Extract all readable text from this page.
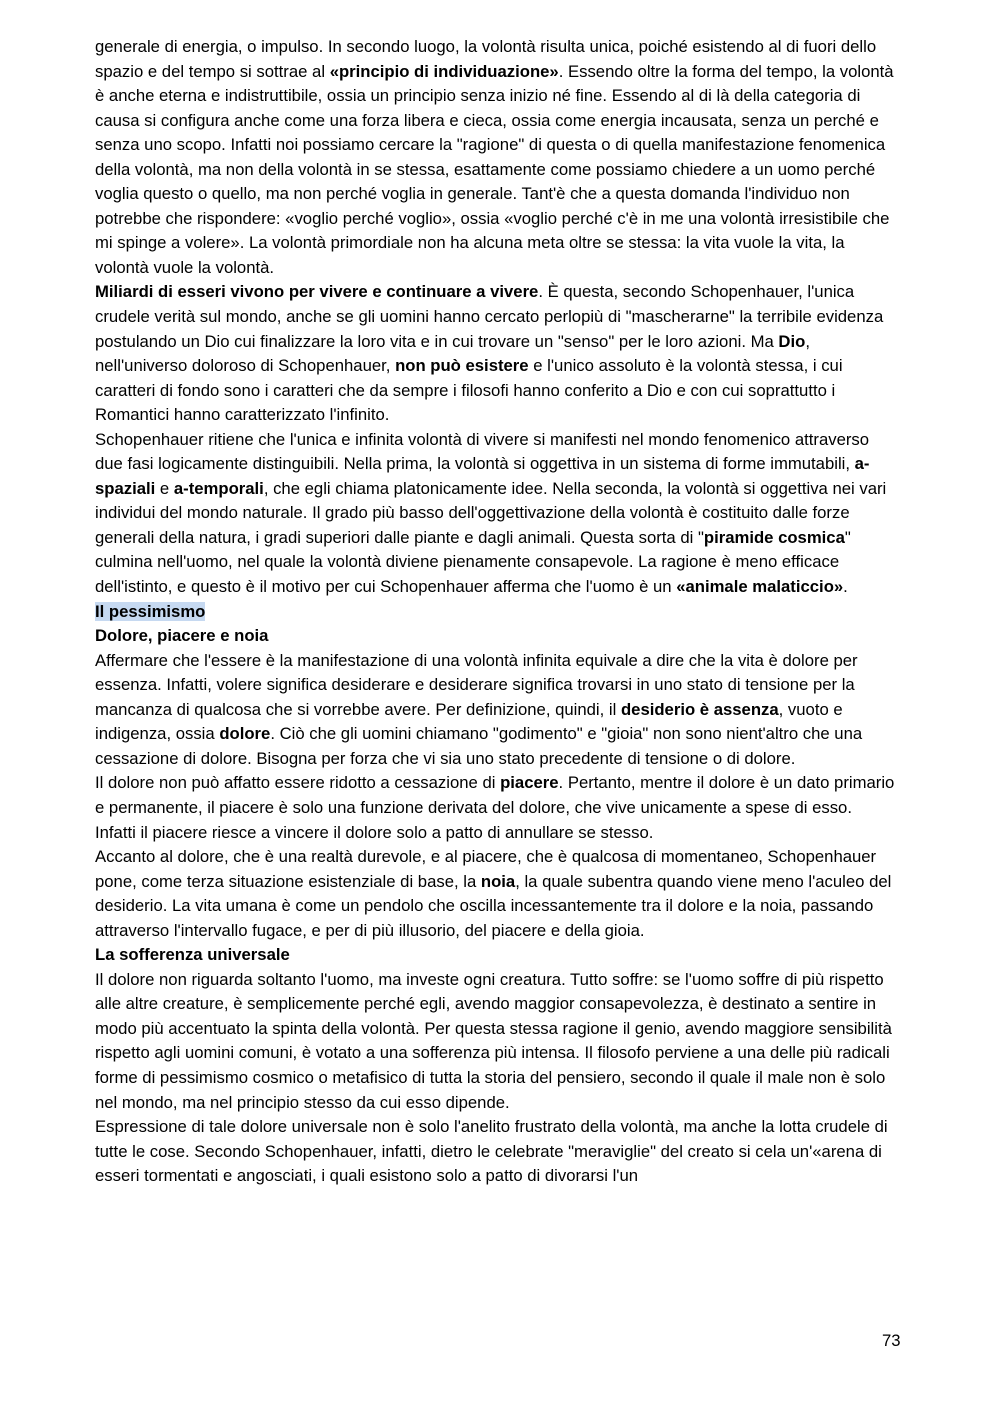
generale di energia, o impulso. In secondo luogo, la volontà risulta unica, poiché esistendo al di fuori dello spazio e del tempo si sottrae al «principio di individuazione». Essendo oltre la forma del tempo, la volontà è anche eterna e indistruttibile, ossia un principio senza inizio né fine. Essendo al di là della categoria di causa si configura anche come una forza libera e cieca, ossia come energia incausata, senza un perché e senza uno scopo. Infatti noi possiamo cercare la "ragione" di questa o di quella manifestazione fenomenica della volontà, ma non della volontà in se stessa, esattamente come possiamo chiedere a un uomo perché voglia questo o quello, ma non perché voglia in generale. Tant'è che a questa domanda l'individuo non potrebbe che rispondere: «voglio perché voglio», ossia «voglio perché c'è in me una volontà irresistibile che mi spinge a volere». La volontà primordiale non ha alcuna meta oltre se stessa: la vita vuole la vita, la volontà vuole la volontà.

Miliardi di esseri vivono per vivere e continuare a vivere. È questa, secondo Schopenhauer, l'unica crudele verità sul mondo, anche se gli uomini hanno cercato perlopiù di "mascherarne" la terribile evidenza postulando un Dio cui finalizzare la loro vita e in cui trovare un "senso" per le loro azioni. Ma Dio, nell'universo doloroso di Schopenhauer, non può esistere e l'unico assoluto è la volontà stessa, i cui caratteri di fondo sono i caratteri che da sempre i filosofi hanno conferito a Dio e con cui soprattutto i Romantici hanno caratterizzato l'infinito.

Schopenhauer ritiene che l'unica e infinita volontà di vivere si manifesti nel mondo fenomenico attraverso due fasi logicamente distinguibili. Nella prima, la volontà si oggettiva in un sistema di forme immutabili, a-spaziali e a-temporali, che egli chiama platonicamente idee. Nella seconda, la volontà si oggettiva nei vari individui del mondo naturale. Il grado più basso dell'oggettivazione della volontà è costituito dalle forze generali della natura, i gradi superiori dalle piante e dagli animali. Questa sorta di "piramide cosmica" culmina nell'uomo, nel quale la volontà diviene pienamente consapevole. La ragione è meno efficace dell'istinto, e questo è il motivo per cui Schopenhauer afferma che l'uomo è un «animale malaticcio».

Il pessimismo

Dolore, piacere e noia

Affermare che l'essere è la manifestazione di una volontà infinita equivale a dire che la vita è dolore per essenza. Infatti, volere significa desiderare e desiderare significa trovarsi in uno stato di tensione per la mancanza di qualcosa che si vorrebbe avere. Per definizione, quindi, il desiderio è assenza, vuoto e indigenza, ossia dolore. Ciò che gli uomini chiamano "godimento" e "gioia" non sono nient'altro che una cessazione di dolore. Bisogna per forza che vi sia uno stato precedente di tensione o di dolore.

Il dolore non può affatto essere ridotto a cessazione di piacere. Pertanto, mentre il dolore è un dato primario e permanente, il piacere è solo una funzione derivata del dolore, che vive unicamente a spese di esso. Infatti il piacere riesce a vincere il dolore solo a patto di annullare se stesso.

Accanto al dolore, che è una realtà durevole, e al piacere, che è qualcosa di momentaneo, Schopenhauer pone, come terza situazione esistenziale di base, la noia, la quale subentra quando viene meno l'aculeo del desiderio. La vita umana è come un pendolo che oscilla incessantemente tra il dolore e la noia, passando attraverso l'intervallo fugace, e per di più illusorio, del piacere e della gioia.

La sofferenza universale

Il dolore non riguarda soltanto l'uomo, ma investe ogni creatura. Tutto soffre: se l'uomo soffre di più rispetto alle altre creature, è semplicemente perché egli, avendo maggior consapevolezza, è destinato a sentire in modo più accentuato la spinta della volontà. Per questa stessa ragione il genio, avendo maggiore sensibilità rispetto agli uomini comuni, è votato a una sofferenza più intensa. Il filosofo perviene a una delle più radicali forme di pessimismo cosmico o metafisico di tutta la storia del pensiero, secondo il quale il male non è solo nel mondo, ma nel principio stesso da cui esso dipende.

Espressione di tale dolore universale non è solo l'anelito frustrato della volontà, ma anche la lotta crudele di tutte le cose. Secondo Schopenhauer, infatti, dietro le celebrate "meraviglie" del creato si cela un'«arena di esseri tormentati e angosciati, i quali esistono solo a patto di divorarsi l'un

73
